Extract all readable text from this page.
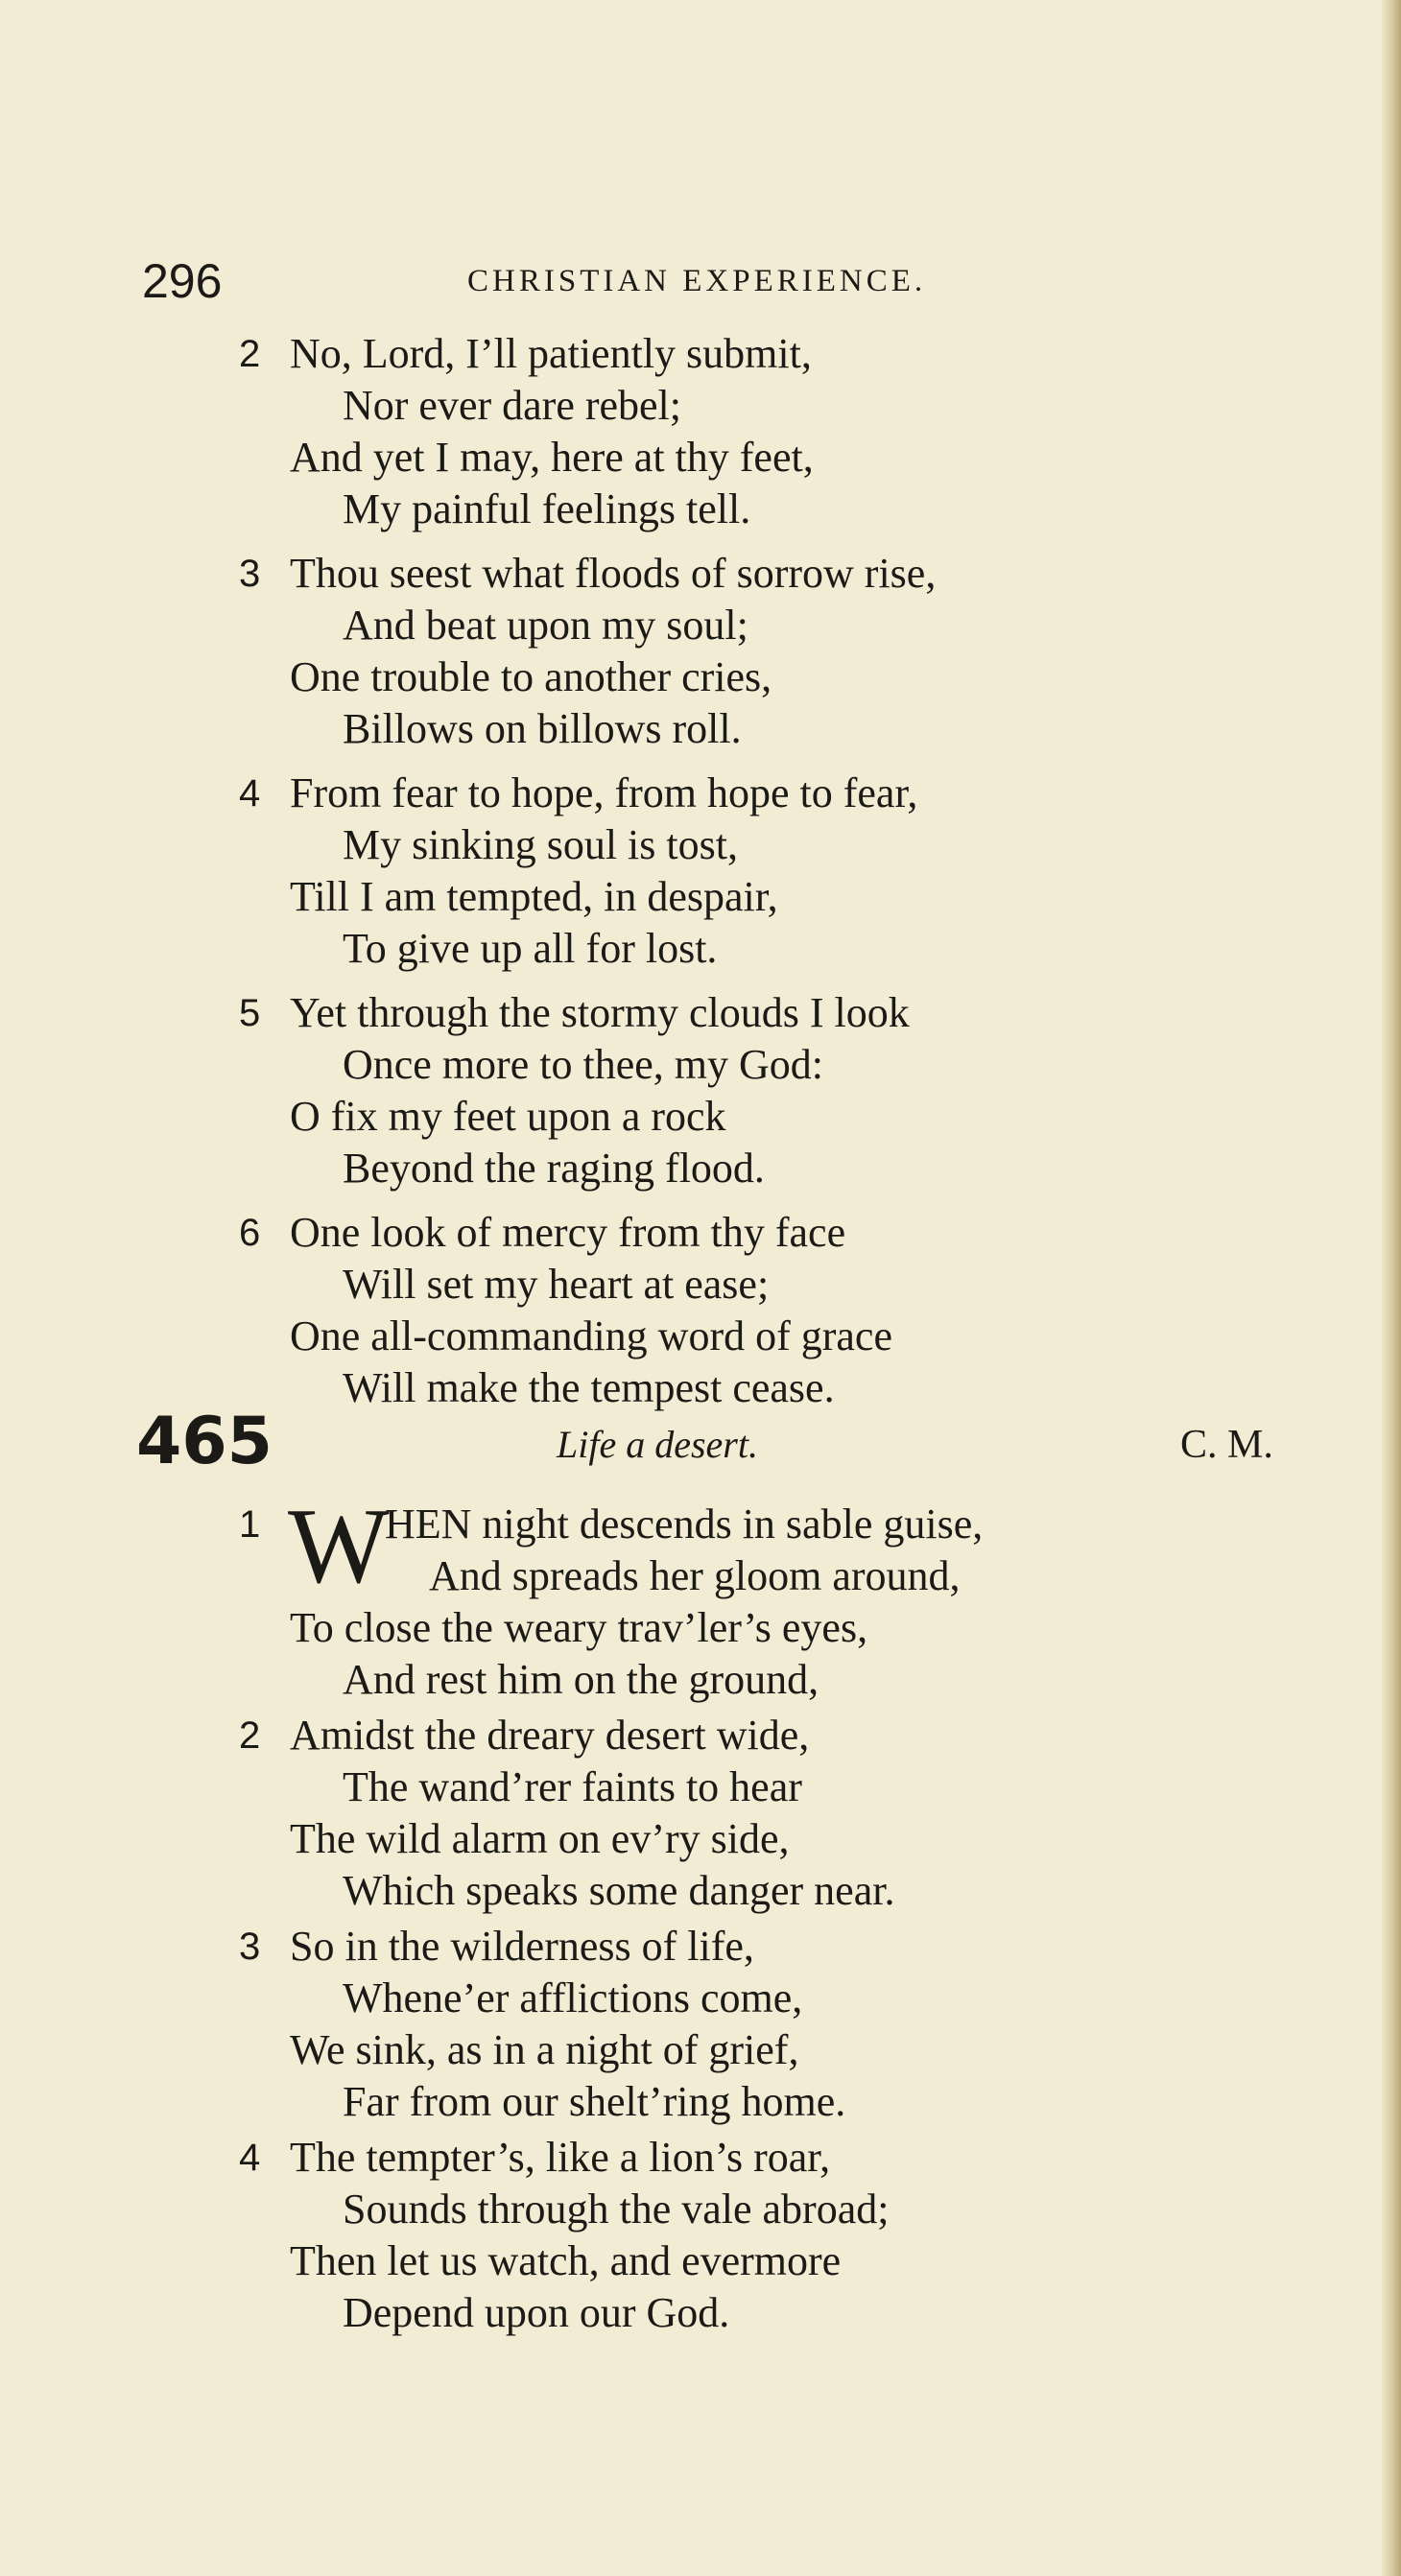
296	CHRISTIAN EXPERIENCE.
2 No, Lord, I’ll patiently submit,
Nor ever dare rebel;
And yet I may, here at thy feet,
My painful feelings tell.
3 Thou seest what floods of sorrow rise,
And beat upon my soul;
One trouble to another cries,
Billows on billows roll.
4 From fear to hope, from hope to fear,
My sinking soul is tost,
Till I am tempted, in despair,
To give up all for lost.
5 Yet through the stormy clouds I look
Once more to thee, my God:
O fix my feet upon a rock
Beyond the raging flood.
6 One look of mercy from thy face
Will set my heart at ease;
One all-commanding word of grace
Will make the tempest cease.
465	Life a desert.	C. M.
1 W
HEN night descends in sable guise,
And spreads her gloom around,
To close the weary trav’ler’s eyes,
And rest him on the ground,
2 Amidst the dreary desert wide,
The wand’rer faints to hear
The wild alarm on ev’ry side,
Which speaks some danger near.
3 So in the wilderness of life,
Whene’er afflictions come,
We sink, as in a night of grief,
Far from our shelt’ring home.
4 The tempter’s, like a lion’s roar,
Sounds through the vale abroad;
Then let us watch, and evermore
Depend upon our God.
